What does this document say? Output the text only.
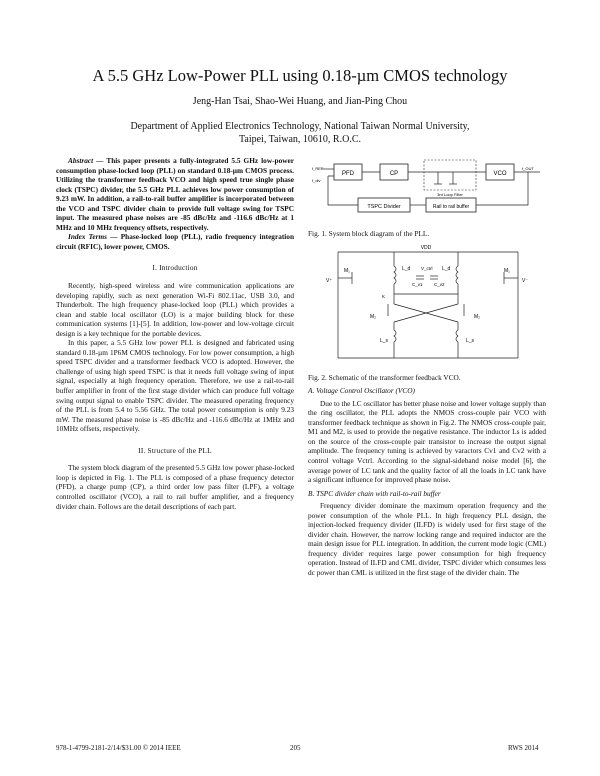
A 5.5 GHz Low-Power PLL using 0.18-µm CMOS technology
Jeng-Han Tsai, Shao-Wei Huang, and Jian-Ping Chou
Department of Applied Electronics Technology, National Taiwan Normal University,
Taipei, Taiwan, 10610, R.O.C.

Abstract — This paper presents a fully-integrated 5.5 GHz low-power consumption phase-locked loop (PLL) on standard 0.18-µm CMOS process. Utilizing the transformer feedback VCO and high speed true single phase clock (TSPC) divider, the 5.5 GHz PLL achieves low power consumption of 9.23 mW. In addition, a rail-to-rail buffer amplifier is incorporated between the VCO and TSPC divider chain to provide full voltage swing for TSPC input. The measured phase noises are -85 dBc/Hz and -116.6 dBc/Hz at 1 MHz and 10 MHz frequency offsets, respectively.

Index Terms — Phase-locked loop (PLL), radio frequency integration circuit (RFIC), lower power, CMOS.

I. Introduction

Recently, high-speed wireless and wire communication applications are developing rapidly, such as next generation Wi-Fi 802.11ac, USB 3.0, and Thunderbolt. The high frequency phase-locked loop (PLL) which provides a clean and stable local oscillator (LO) is a major building block for these communication systems [1]-[5]. In addition, low-power and low-voltage circuit design is a key technique for the portable devices.

In this paper, a 5.5 GHz low power PLL is designed and fabricated using standard 0.18-µm 1P6M CMOS technology. For low power consumption, a high speed TSPC divider and a transformer feedback VCO is adopted. However, the challenge of using high speed TSPC is that it needs full voltage swing of input signal, especially at high frequency operation. Therefore, we use a rail-to-rail buffer amplifier in front of the first stage divider which can produce full voltage swing output signal to enable TSPC divider. The measured operating frequency of the PLL is from 5.4 to 5.56 GHz. The total power consumption is only 9.23 mW. The measured phase noise is -85 dBc/Hz and -116.6 dBc/Hz at 1MHz and 10MHz offsets, respectively.

II. Structure of the PLL

The system block diagram of the presented 5.5 GHz low power phase-locked loop is depicted in Fig. 1. The PLL is composed of a phase frequency detector (PFD), a charge pump (CP), a third order low pass filter (LPF), a voltage controlled oscillator (VCO), a rail to rail buffer amplifier, and a frequency divider chain. Follows are the detail descriptions of each part.

PFD	CP
3rd Loop Filter
VCO
TSPC Divider	Rail to rail buffer
f_REF
f_div
f_OUT
Fig. 1. System block diagram of the PLL.
VDD
M₁	M₁
M₂	M₂
L_d	L_d
L_s	L_s
C_v1	C_v2
V_ctrl
V⁺	V⁻
K
Fig. 2. Schematic of the transformer feedback VCO.
A. Voltage Control Oscillator (VCO)

Due to the LC oscillator has better phase noise and lower voltage supply than the ring oscillator, the PLL adopts the NMOS cross-couple pair VCO with transformer feedback technique as shown in Fig.2. The NMOS cross-couple pair, M1 and M2, is used to provide the negative resistance. The inductor Ls is added on the source of the cross-couple pair transistor to increase the output signal amplitude. The frequency tuning is achieved by varactors Cv1 and Cv2 with a control voltage Vctrl. According to the signal-sideband noise model [6], the average power of LC tank and the quality factor of all the loads in LC tank have a significant influence for improved phase noise.

B. TSPC divider chain with rail-to-rail buffer

Frequency divider dominate the maximum operation frequency and the power consumption of the whole PLL. In high frequency PLL design, the injection-locked frequency divider (ILFD) is widely used for first stage of the divider chain. However, the narrow locking range and required inductor are the main design issue for PLL integration. In addition, the current mode logic (CML) frequency divider requires large power consumption for high frequency operation. Instead of ILFD and CML divider, TSPC divider which consumes less dc power than CML is utilized in the first stage of the divider chain. The

978-1-4799-2181-2/14/$31.00 © 2014 IEEE	205	RWS 2014
